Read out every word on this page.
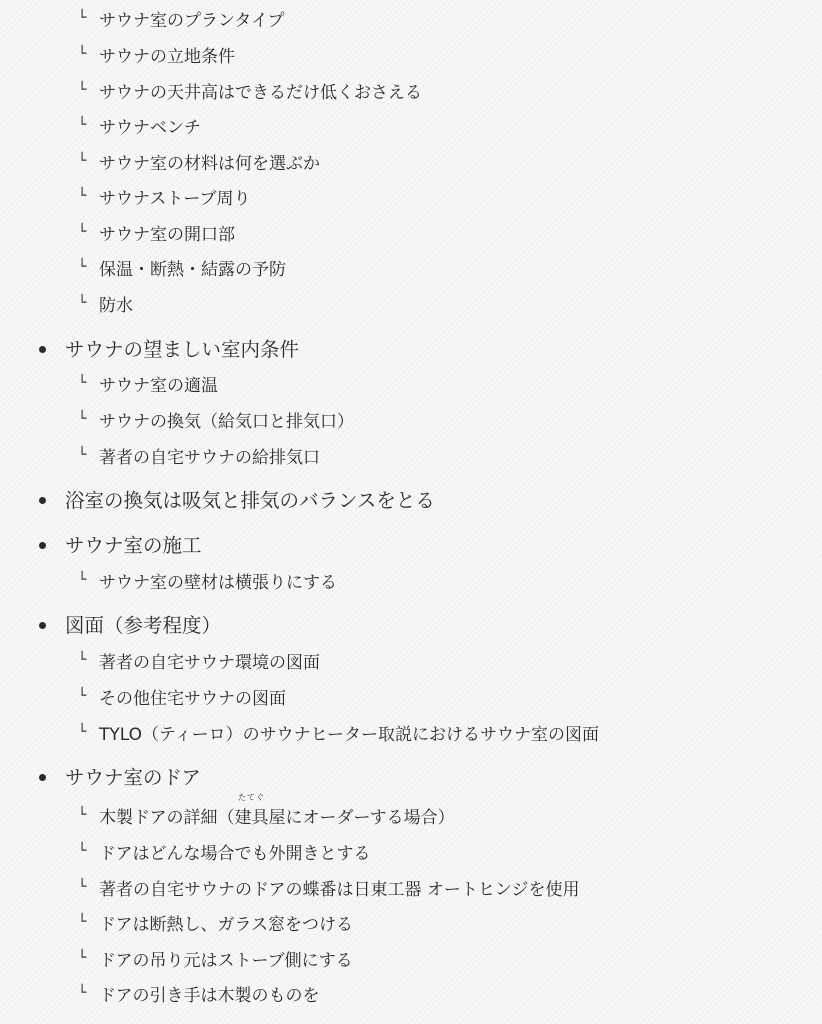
└ サウナ室のプランタイプ
└ サウナの立地条件
└ サウナの天井高はできるだけ低くおさえる
└ サウナベンチ
└ サウナ室の材料は何を選ぶか
└ サウナストーブ周り
└ サウナ室の開口部
└ 保温・断熱・結露の予防
└ 防水
サウナの望ましい室内条件
└ サウナ室の適温
└ サウナの換気（給気口と排気口）
└ 著者の自宅サウナの給排気口
浴室の換気は吸気と排気のバランスをとる
サウナ室の施工
└ サウナ室の壁材は横張りにする
図面（参考程度）
└ 著者の自宅サウナ環境の図面
└ その他住宅サウナの図面
└ TYLO（ティーロ）のサウナヒーター取説におけるサウナ室の図面
サウナ室のドア
└ 木製ドアの詳細（建具
たてぐ
屋にオーダーする場合）
└ ドアはどんな場合でも外開きとする
└ 著者の自宅サウナのドアの蝶番は日東工器 オートヒンジを使用
└ ドアは断熱し、ガラス窓をつける
└ ドアの吊り元はストーブ側にする
└ ドアの引き手は木製のものを
